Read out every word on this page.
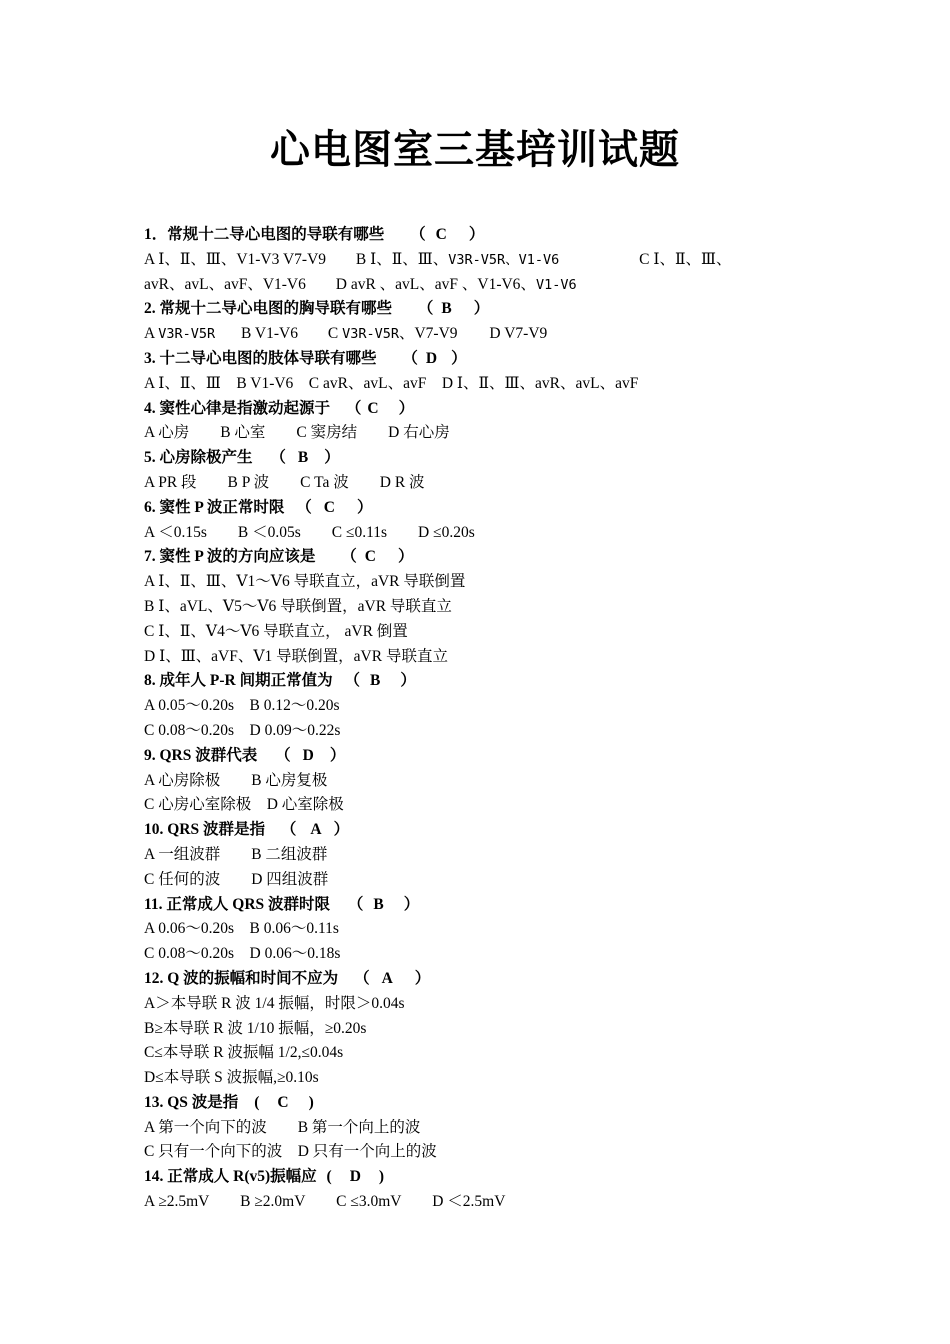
心电图室三基培训试题
1．常规十二导心电图的导联有哪些 （ C ）
A Ⅰ、Ⅱ、Ⅲ、V1-V3 V7-V9 B Ⅰ、Ⅱ、Ⅲ、V3R-V5R、V1-V6	C Ⅰ、Ⅱ、Ⅲ、
avR、avL、avF、V1-V6 D avR 、avL、avF 、V1-V6、V1-V6
2. 常规十二导心电图的胸导联有哪些 （ B ）
A V3R-V5R B V1-V6 C V3R-V5R、V7-V9 D V7-V9
3. 十二导心电图的肢体导联有哪些 （ D ）
A Ⅰ、Ⅱ、Ⅲ　B V1-V6　C avR、avL、avF　D Ⅰ、Ⅱ、Ⅲ、avR、avL、avF
4. 窦性心律是指激动起源于 （ C ）
A 心房　　B 心室　　C 窦房结　　D 右心房
5. 心房除极产生 （ B ）
A PR 段　　B P 波　　C Ta 波　　D R 波
6. 窦性 P 波正常时限 （ C ）
A ＜0.15s　　B ＜0.05s　　C ≤0.11s　　D ≤0.20s
7. 窦性 P 波的方向应该是 （ C ）
A Ⅰ、Ⅱ、Ⅲ、Ⅴ1～Ⅴ6 导联直立，aVR 导联倒置
B Ⅰ、aVL、Ⅴ5～Ⅴ6 导联倒置，aVR 导联直立
C Ⅰ、Ⅱ、Ⅴ4～Ⅴ6 导联直立， aVR 倒置
D Ⅰ、Ⅲ、aVF、Ⅴ1 导联倒置，aVR 导联直立
8. 成年人 P-R 间期正常值为 （ B ）
A 0.05～0.20s　B 0.12～0.20s
C 0.08～0.20s　D 0.09～0.22s
9. QRS 波群代表 （ D ）
A 心房除极　　B 心房复极
C 心房心室除极　D 心室除极
10. QRS 波群是指 （ A ）
A 一组波群　　B 二组波群
C 任何的波　　D 四组波群
11. 正常成人 QRS 波群时限 （ B ）
A 0.06～0.20s　B 0.06～0.11s
C 0.08～0.20s　D 0.06～0.18s
12. Q 波的振幅和时间不应为 （ A ）
A＞本导联 R 波 1/4 振幅，时限＞0.04s
B≥本导联 R 波 1/10 振幅，≥0.20s
C≤本导联 R 波振幅 1/2,≤0.04s
D≤本导联 S 波振幅,≥0.10s
13. QS 波是指 ( C )
A 第一个向下的波　　B 第一个向上的波
C 只有一个向下的波　D 只有一个向上的波
14. 正常成人 R(v5)振幅应 ( D )
A ≥2.5mV　　B ≥2.0mV　　C ≤3.0mV　　D ＜2.5mV
